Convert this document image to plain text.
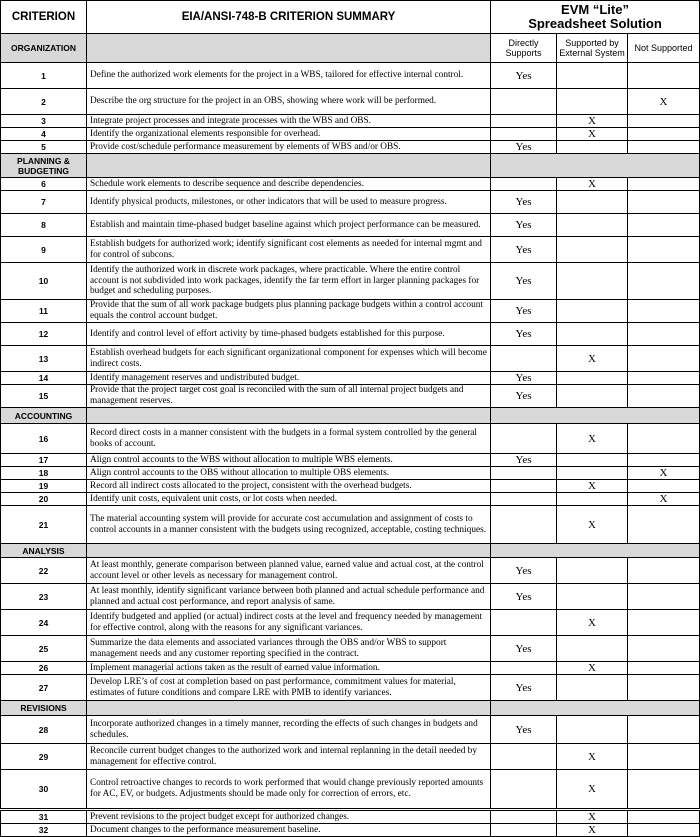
CRITERION	EIA/ANSI-748-B CRITERION SUMMARY	EVM “Lite”
Spreadsheet Solution		

ORGANIZATION		Directly Supports	Supported by External System	Not Supported
1	Define the authorized work elements for the project in a WBS, tailored for effective internal control.	Yes		
2	Describe the org structure for the project in an OBS, showing where work will be performed.			X
3	Integrate project processes and integrate processes with the WBS and OBS.		X	
4	Identify the organizational elements responsible for overhead.		X	
5	Provide cost/schedule performance measurement by elements of WBS and/or OBS.	Yes		
PLANNING & BUDGETING				
6	Schedule work elements to describe sequence and describe dependencies.		X	
7	Identify physical products, milestones, or other indicators that will be used to measure progress.	Yes		
8	Establish and maintain time-phased budget baseline against which project performance can be measured.	Yes		
9	Establish budgets for authorized work; identify significant cost elements as needed for internal mgmt and for control of subcons.	Yes		
10	Identify the authorized work in discrete work packages, where practicable. Where the entire control account is not subdivided into work packages, identify the far term effort in larger planning packages for budget and scheduling purposes.	Yes		
11	Provide that the sum of all work package budgets plus planning package budgets within a control account equals the control account budget.	Yes		
12	Identify and control level of effort activity by time-phased budgets established for this purpose.	Yes		
13	Establish overhead budgets for each significant organizational component for expenses which will become indirect costs.		X	
14	Identify management reserves and undistributed budget.	Yes		
15	Provide that the project target cost goal is reconciled with the sum of all internal project budgets and management reserves.	Yes		
ACCOUNTING				
16	Record direct costs in a manner consistent with the budgets in a formal system controlled by the general books of account.		X	
17	Align control accounts to the WBS without allocation to multiple WBS elements.	Yes		
18	Align control accounts to the OBS without allocation to multiple OBS elements.			X
19	Record all indirect costs allocated to the project, consistent with the overhead budgets.		X	
20	Identify unit costs, equivalent unit costs, or lot costs when needed.			X
21	The material accounting system will provide for accurate cost accumulation and assignment of costs to control accounts in a manner consistent with the budgets using recognized, acceptable, costing techniques.		X	
ANALYSIS				
22	At least monthly, generate comparison between planned value, earned value and actual cost, at the control account level or other levels as necessary for management control.	Yes		
23	At least monthly, identify significant variance between both planned and actual schedule performance and planned and actual cost performance, and report analysis of same.	Yes		
24	Identify budgeted and applied (or actual) indirect costs at the level and frequency needed by management for effective control, along with the reasons for any significant variances.		X	
25	Summarize the data elements and associated variances through the OBS and/or WBS to support management needs and any customer reporting specified in the contract.	Yes		
26	Implement managerial actions taken as the result of earned value information.		X	
27	Develop LRE’s of cost at completion based on past performance, commitment values for material, estimates of future conditions and compare LRE with PMB to identify variances.	Yes		
REVISIONS				
28	Incorporate authorized changes in a timely manner, recording the effects of such changes in budgets and schedules.	Yes		
29	Reconcile current budget changes to the authorized work and internal replanning in the detail needed by management for effective control.		X	
30	Control retroactive changes to records to work performed that would change previously reported amounts for AC, EV, or budgets. Adjustments should be made only for correction of errors, etc.		X	
31	Prevent revisions to the project budget except for authorized changes.		X	
32	Document changes to the performance measurement baseline.		X	
